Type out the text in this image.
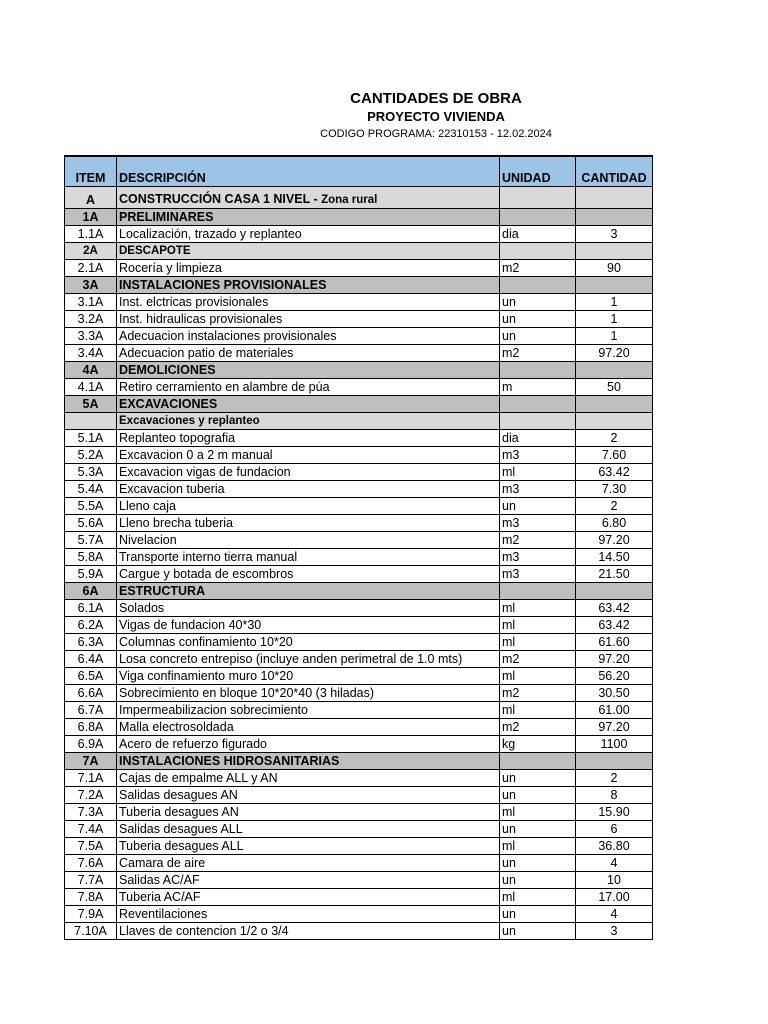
CANTIDADES DE OBRA
PROYECTO VIVIENDA
CODIGO PROGRAMA: 22310153 - 12.02.2024
ITEM	DESCRIPCIÓN	UNIDAD	CANTIDAD
A	CONSTRUCCIÓN CASA 1 NIVEL - Zona rural		
1A	PRELIMINARES		
1.1A	Localización, trazado y replanteo	dia	3
2A	DESCAPOTE		
2.1A	Rocería y limpieza	m2	90
3A	INSTALACIONES PROVISIONALES		
3.1A	Inst. elctricas provisionales	un	1
3.2A	Inst. hidraulicas provisionales	un	1
3.3A	Adecuacion instalaciones provisionales	un	1
3.4A	Adecuacion patio de materiales	m2	97.20
4A	DEMOLICIONES		
4.1A	Retiro cerramiento en alambre de púa	m	50
5A	EXCAVACIONES		
	Excavaciones y replanteo		
5.1A	Replanteo topografia	dia	2
5.2A	Excavacion 0 a 2 m manual	m3	7.60
5.3A	Excavacion vigas de fundacion	ml	63.42
5.4A	Excavacion tuberia	m3	7.30
5.5A	Lleno caja	un	2
5.6A	Lleno brecha tuberia	m3	6.80
5.7A	Nivelacion	m2	97.20
5.8A	Transporte interno tierra manual	m3	14.50
5.9A	Cargue y botada de escombros	m3	21.50
6A	ESTRUCTURA		
6.1A	Solados	ml	63.42
6.2A	Vigas de fundacion 40*30	ml	63.42
6.3A	Columnas confinamiento 10*20	ml	61.60
6.4A	Losa concreto entrepiso (incluye anden perimetral de 1.0 mts)	m2	97.20
6.5A	Viga confinamiento muro 10*20	ml	56.20
6.6A	Sobrecimiento en bloque 10*20*40 (3 hiladas)	m2	30.50
6.7A	Impermeabilizacion sobrecimiento	ml	61.00
6.8A	Malla electrosoldada	m2	97.20
6.9A	Acero de refuerzo figurado	kg	1100
7A	INSTALACIONES HIDROSANITARIAS		
7.1A	Cajas de empalme ALL y AN	un	2
7.2A	Salidas desagues AN	un	8
7.3A	Tuberia desagues AN	ml	15.90
7.4A	Salidas desagues ALL	un	6
7.5A	Tuberia desagues ALL	ml	36.80
7.6A	Camara de aire	un	4
7.7A	Salidas AC/AF	un	10
7.8A	Tuberia AC/AF	ml	17.00
7.9A	Reventilaciones	un	4
7.10A	Llaves de contencion 1/2 o 3/4	un	3
